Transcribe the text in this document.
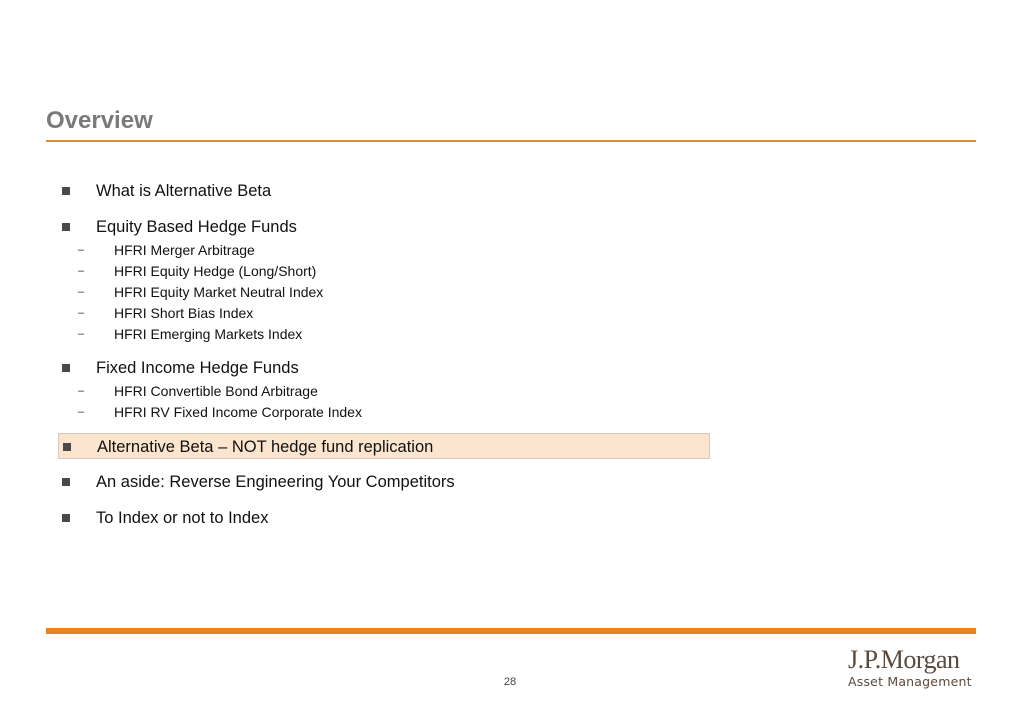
Overview
What is Alternative Beta
Equity Based Hedge Funds
– HFRI Merger Arbitrage
– HFRI Equity Hedge (Long/Short)
– HFRI Equity Market Neutral Index
– HFRI Short Bias Index
– HFRI Emerging Markets Index
Fixed Income Hedge Funds
– HFRI Convertible Bond Arbitrage
– HFRI RV Fixed Income Corporate Index
Alternative Beta – NOT hedge fund replication
An aside: Reverse Engineering Your Competitors
To Index or not to Index
28
J.P.Morgan
Asset Management
